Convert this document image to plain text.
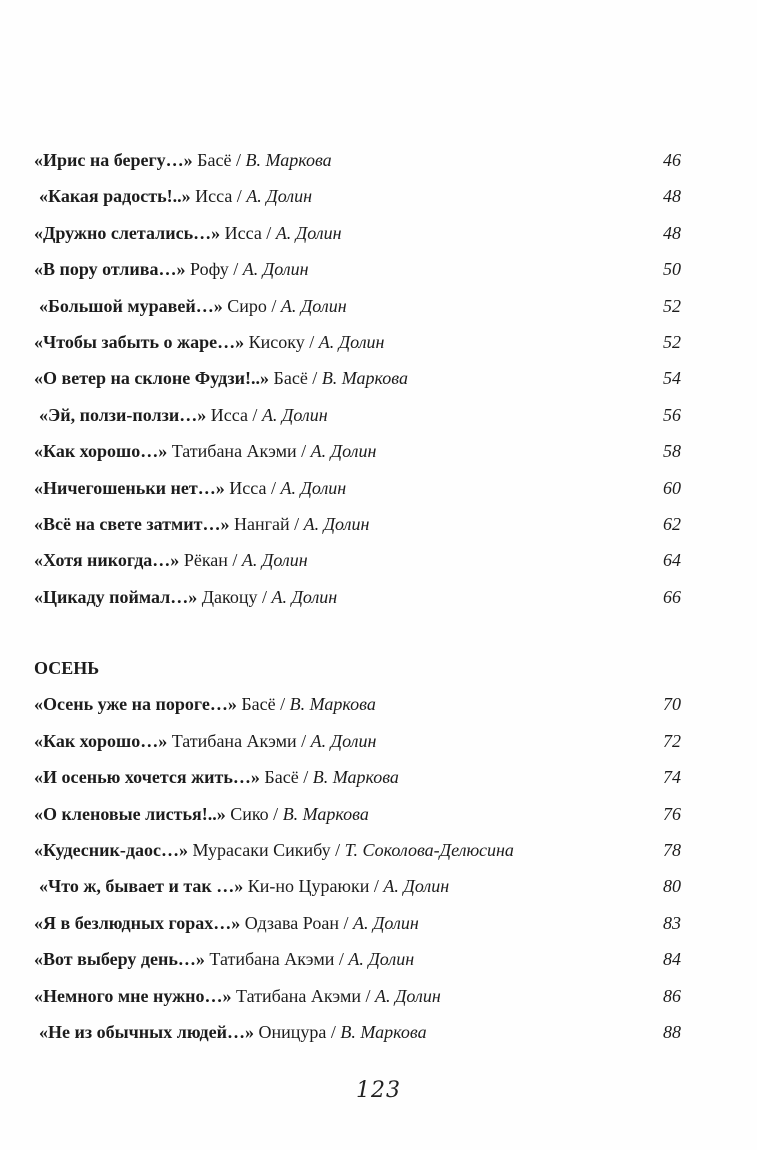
«Ирис на берегу…» Басё / В. Маркова	46
«Какая радость!..» Исса / А. Долин	48
«Дружно слетались…» Исса / А. Долин	48
«В пору отлива…» Рофу / А. Долин	50
«Большой муравей…» Сиро / А. Долин	52
«Чтобы забыть о жаре…» Кисоку / А. Долин	52
«О ветер на склоне Фудзи!..» Басё / В. Маркова	54
«Эй, ползи-ползи…» Исса / А. Долин	56
«Как хорошо…» Татибана Акэми / А. Долин	58
«Ничегошеньки нет…» Исса / А. Долин	60
«Всё на свете затмит…» Нангай / А. Долин	62
«Хотя никогда…» Рёкан / А. Долин	64
«Цикаду поймал…» Дакоцу / А. Долин	66
ОСЕНЬ
«Осень уже на пороге…» Басё / В. Маркова	70
«Как хорошо…» Татибана Акэми / А. Долин	72
«И осенью хочется жить…» Басё / В. Маркова	74
«О кленовые листья!..» Сико / В. Маркова	76
«Кудесник-даос…» Мурасаки Сикибу / Т. Соколова-Делюсина	78
«Что ж, бывает и так …» Ки-но Цураюки / А. Долин	80
«Я в безлюдных горах…» Одзава Роан / А. Долин	83
«Вот выберу день…» Татибана Акэми / А. Долин	84
«Немного мне нужно…» Татибана Акэми / А. Долин	86
«Не из обычных людей…» Оницура / В. Маркова	88
123
